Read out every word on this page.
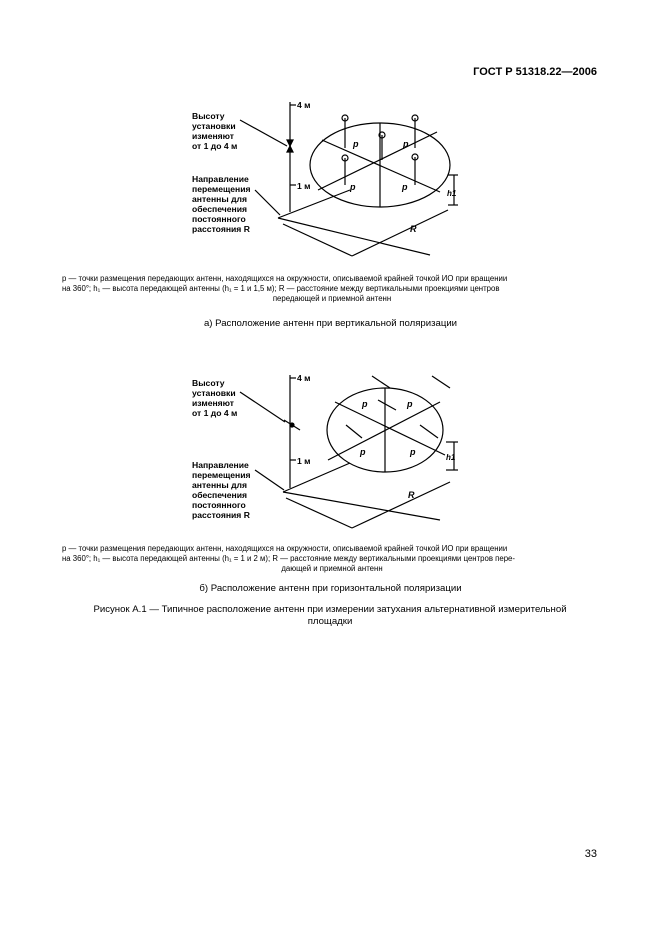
ГОСТ Р 51318.22—2006
p	p
p	p
R
h1
4 м
1 м
Высоту
установки
изменяют
от 1 до 4 м
Направление
перемещения
антенны для
обеспечения
постоянного
расстояния R
p — точки размещения передающих антенн, находящихся на окружности, описываемой крайней точкой ИО при вращении
на 360°; h₁ — высота передающей антенны (h₁ = 1 и 1,5 м); R — расстояние между вертикальными проекциями центров
передающей и приемной антенн
а) Расположение антенн при вертикальной поляризации
p	p
p	p
R
h1
4 м
1 м
Высоту
установки
изменяют
от 1 до 4 м
Направление
перемещения
антенны для
обеспечения
постоянного
расстояния R
p — точки размещения передающих антенн, находящихся на окружности, описываемой крайней точкой ИО при вращении
на 360°; h₁ — высота передающей антенны (h₁ = 1 и 2 м); R — расстояние между вертикальными проекциями центров пере-
дающей и приемной антенн
б) Расположение антенн при горизонтальной поляризации
Рисунок А.1 — Типичное расположение антенн при измерении затухания альтернативной измерительной
площадки
33
